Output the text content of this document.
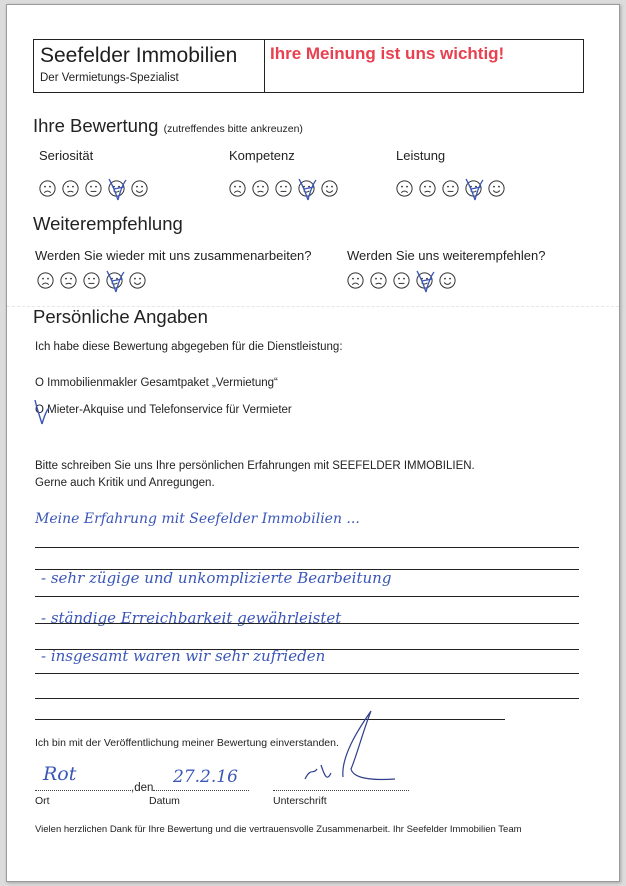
Seefelder Immobilien
Der Vermietungs-Spezialist
Ihre Meinung ist uns wichtig!
Ihre Bewertung (zutreffendes bitte ankreuzen)
Seriosität	Kompetenz	Leistung
Weiterempfehlung
Werden Sie wieder mit uns zusammenarbeiten?	Werden Sie uns weiterempfehlen?
Persönliche Angaben
Ich habe diese Bewertung abgegeben für die Dienstleistung:
O Immobilienmakler Gesamtpaket „Vermietung“
O Mieter-Akquise und Telefonservice für Vermieter
Bitte schreiben Sie uns Ihre persönlichen Erfahrungen mit SEEFELDER IMMOBILIEN.
Gerne auch Kritik und Anregungen.
Meine Erfahrung mit Seefelder Immobilien ...
- sehr zügige und unkomplizierte Bearbeitung
- ständige Erreichbarkeit gewährleistet
- insgesamt waren wir sehr zufrieden
Ich bin mit der Veröffentlichung meiner Bewertung einverstanden.
Rot
,den
27.2.16
Ort	Datum	Unterschrift
Vielen herzlichen Dank für Ihre Bewertung und die vertrauensvolle Zusammenarbeit. Ihr Seefelder Immobilien Team
